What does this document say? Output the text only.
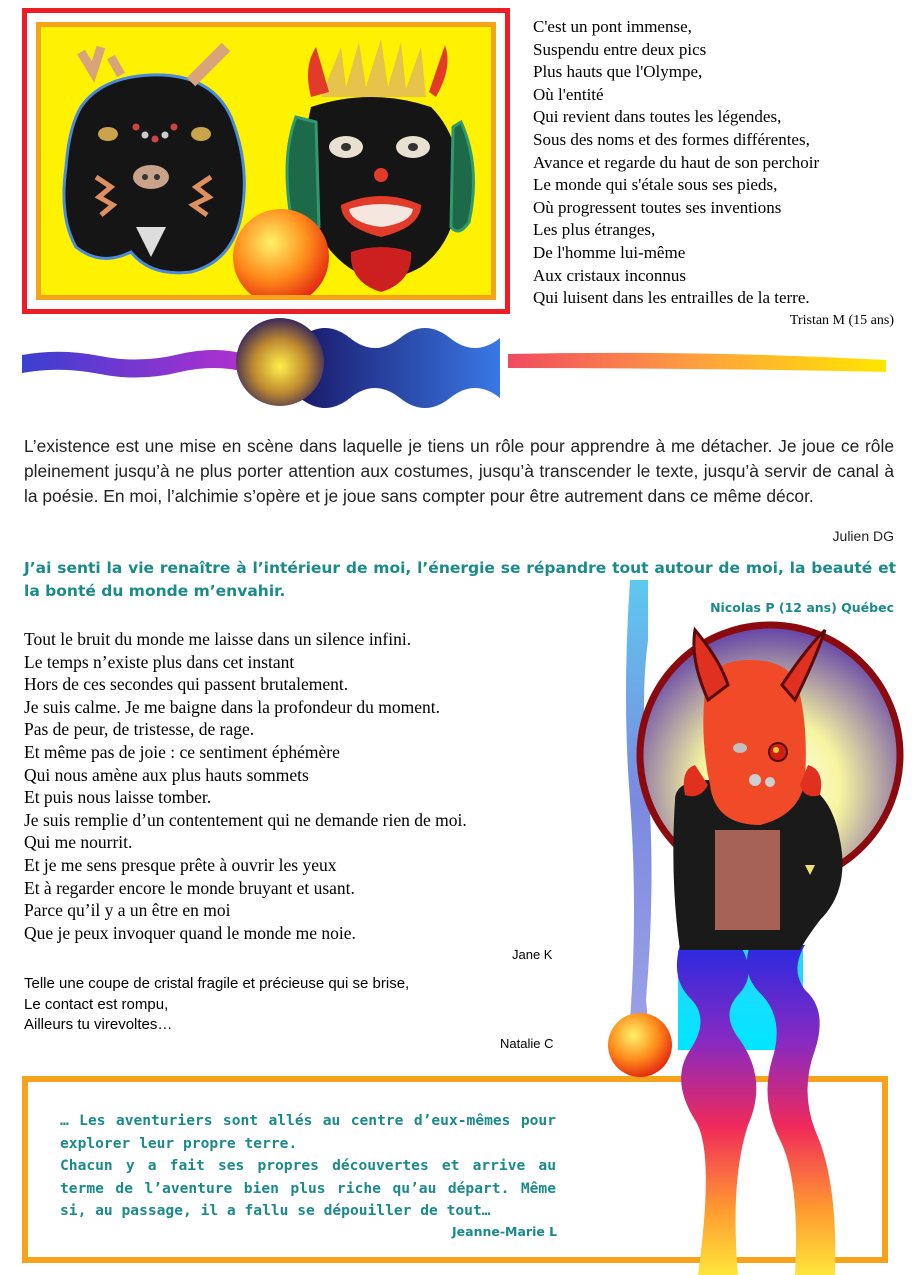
C'est un pont immense,
Suspendu entre deux pics
Plus hauts que l'Olympe,
Où l'entité
Qui revient dans toutes les légendes,
Sous des noms et des formes différentes,
Avance et regarde du haut de son perchoir
Le monde qui s'étale sous ses pieds,
Où progressent toutes ses inventions
Les plus étranges,
De l'homme lui-même
Aux cristaux inconnus
Qui luisent dans les entrailles de la terre.
Tristan M (15 ans)
L’existence est une mise en scène dans laquelle je tiens un rôle pour apprendre à me détacher. Je joue ce rôle pleinement jusqu’à ne plus porter attention aux costumes, jusqu’à transcender le texte, jusqu’à servir de canal à la poésie. En moi, l’alchimie s’opère et je joue sans compter pour être autrement dans ce même décor.
Julien DG
J’ai senti la vie renaître à l’intérieur de moi, l’énergie se répandre tout autour de moi, la beauté et la bonté du monde m’envahir.
Nicolas P (12 ans) Québec
Tout le bruit du monde me laisse dans un silence infini.
Le temps n’existe plus dans cet instant
Hors de ces secondes qui passent brutalement.
Je suis calme. Je me baigne dans la profondeur du moment.
Pas de peur, de tristesse, de rage.
Et même pas de joie : ce sentiment éphémère
Qui nous amène aux plus hauts sommets
Et puis nous laisse tomber.
Je suis remplie d’un contentement qui ne demande rien de moi.
Qui me nourrit.
Et je me sens presque prête à ouvrir les yeux
Et à regarder encore le monde bruyant et usant.
Parce qu’il y a un être en moi
Que je peux invoquer quand le monde me noie.
Jane K
Telle une coupe de cristal fragile et précieuse qui se brise,
Le contact est rompu,
Ailleurs tu virevoltes…
Natalie C
… Les aventuriers sont allés au centre d’eux-mêmes pour explorer leur propre terre.
Chacun y a fait ses propres découvertes et arrive au terme de l’aventure bien plus riche qu’au départ. Même si, au passage, il a fallu se dépouiller de tout…
Jeanne-Marie L
